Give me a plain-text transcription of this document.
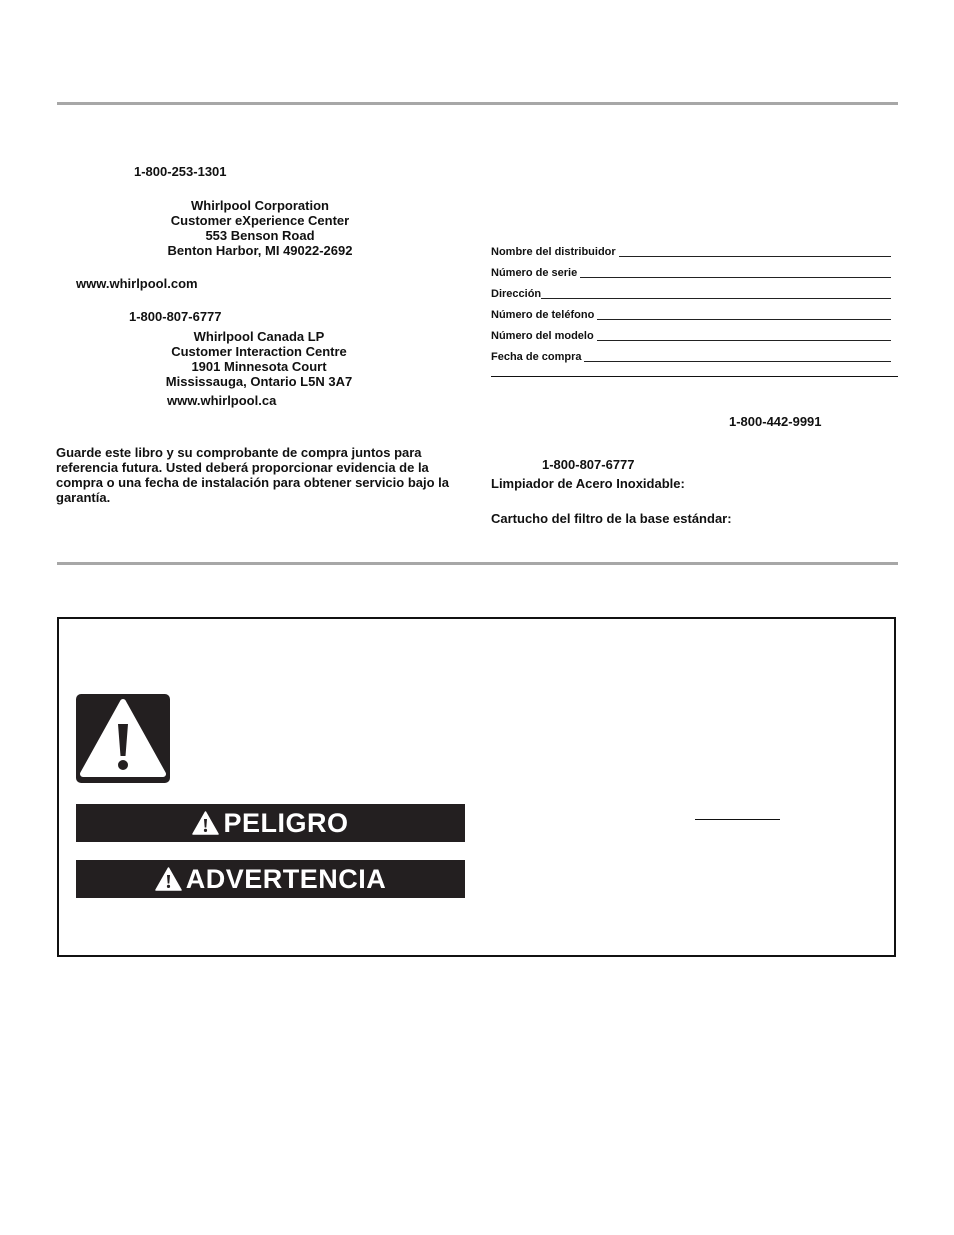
1-800-253-1301
Whirlpool Corporation
Customer eXperience Center
553 Benson Road
Benton Harbor, MI 49022-2692
www.whirlpool.com
1-800-807-6777
Whirlpool Canada LP
Customer Interaction Centre
1901 Minnesota Court
Mississauga, Ontario L5N 3A7
www.whirlpool.ca
Guarde este libro y su comprobante de compra juntos para referencia futura. Usted deberá proporcionar evidencia de la compra o una fecha de instalación para obtener servicio bajo la garantía.
Nombre del distribuidor
Número de serie
Dirección
Número de teléfono
Número del modelo
Fecha de compra
1-800-442-9991
1-800-807-6777
Limpiador de Acero Inoxidable:
Cartucho del filtro de la base estándar:
PELIGRO
ADVERTENCIA
